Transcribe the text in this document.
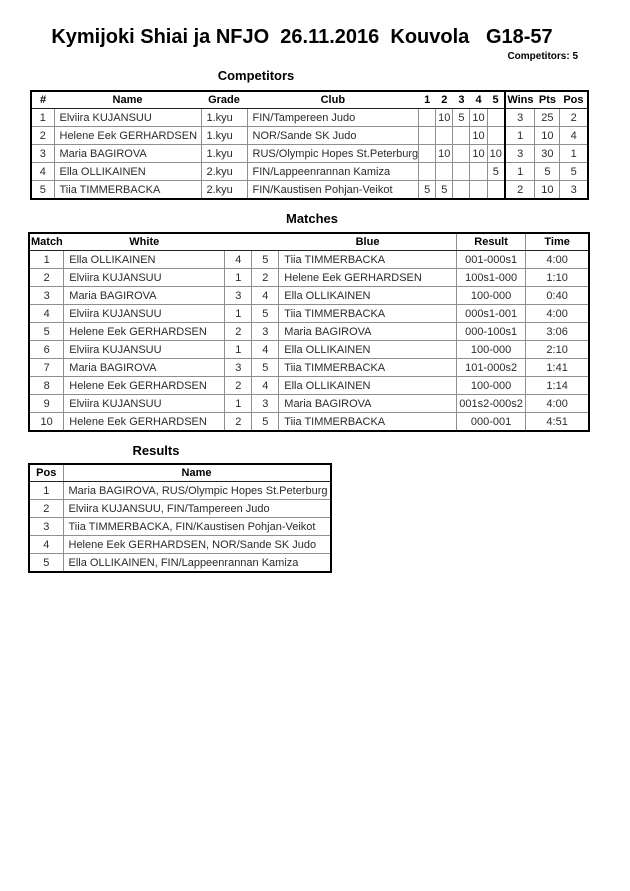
Kymijoki Shiai ja NFJO  26.11.2016  Kouvola   G18-57
Competitors: 5
Competitors
#	Name	Grade	Club	1	2	3	4	5	Wins	Pts	Pos
1	Elviira KUJANSUU	1.kyu	FIN/Tampereen Judo		10	5	10		3	25	2
2	Helene Eek GERHARDSEN	1.kyu	NOR/Sande SK Judo				10		1	10	4
3	Maria BAGIROVA	1.kyu	RUS/Olympic Hopes St.Peterburg		10		10	10	3	30	1
4	Ella OLLIKAINEN	2.kyu	FIN/Lappeenrannan Kamiza					5	1	5	5
5	Tiia TIMMERBACKA	2.kyu	FIN/Kaustisen Pohjan-Veikot	5	5				2	10	3
Matches
Match	White			Blue	Result	Time
1	Ella OLLIKAINEN	4	5	Tiia TIMMERBACKA	001-000s1	4:00
2	Elviira KUJANSUU	1	2	Helene Eek GERHARDSEN	100s1-000	1:10
3	Maria BAGIROVA	3	4	Ella OLLIKAINEN	100-000	0:40
4	Elviira KUJANSUU	1	5	Tiia TIMMERBACKA	000s1-001	4:00
5	Helene Eek GERHARDSEN	2	3	Maria BAGIROVA	000-100s1	3:06
6	Elviira KUJANSUU	1	4	Ella OLLIKAINEN	100-000	2:10
7	Maria BAGIROVA	3	5	Tiia TIMMERBACKA	101-000s2	1:41
8	Helene Eek GERHARDSEN	2	4	Ella OLLIKAINEN	100-000	1:14
9	Elviira KUJANSUU	1	3	Maria BAGIROVA	001s2-000s2	4:00
10	Helene Eek GERHARDSEN	2	5	Tiia TIMMERBACKA	000-001	4:51
Results
Pos	Name
1	Maria BAGIROVA, RUS/Olympic Hopes St.Peterburg
2	Elviira KUJANSUU, FIN/Tampereen Judo
3	Tiia TIMMERBACKA, FIN/Kaustisen Pohjan-Veikot
4	Helene Eek GERHARDSEN, NOR/Sande SK Judo
5	Ella OLLIKAINEN, FIN/Lappeenrannan Kamiza
